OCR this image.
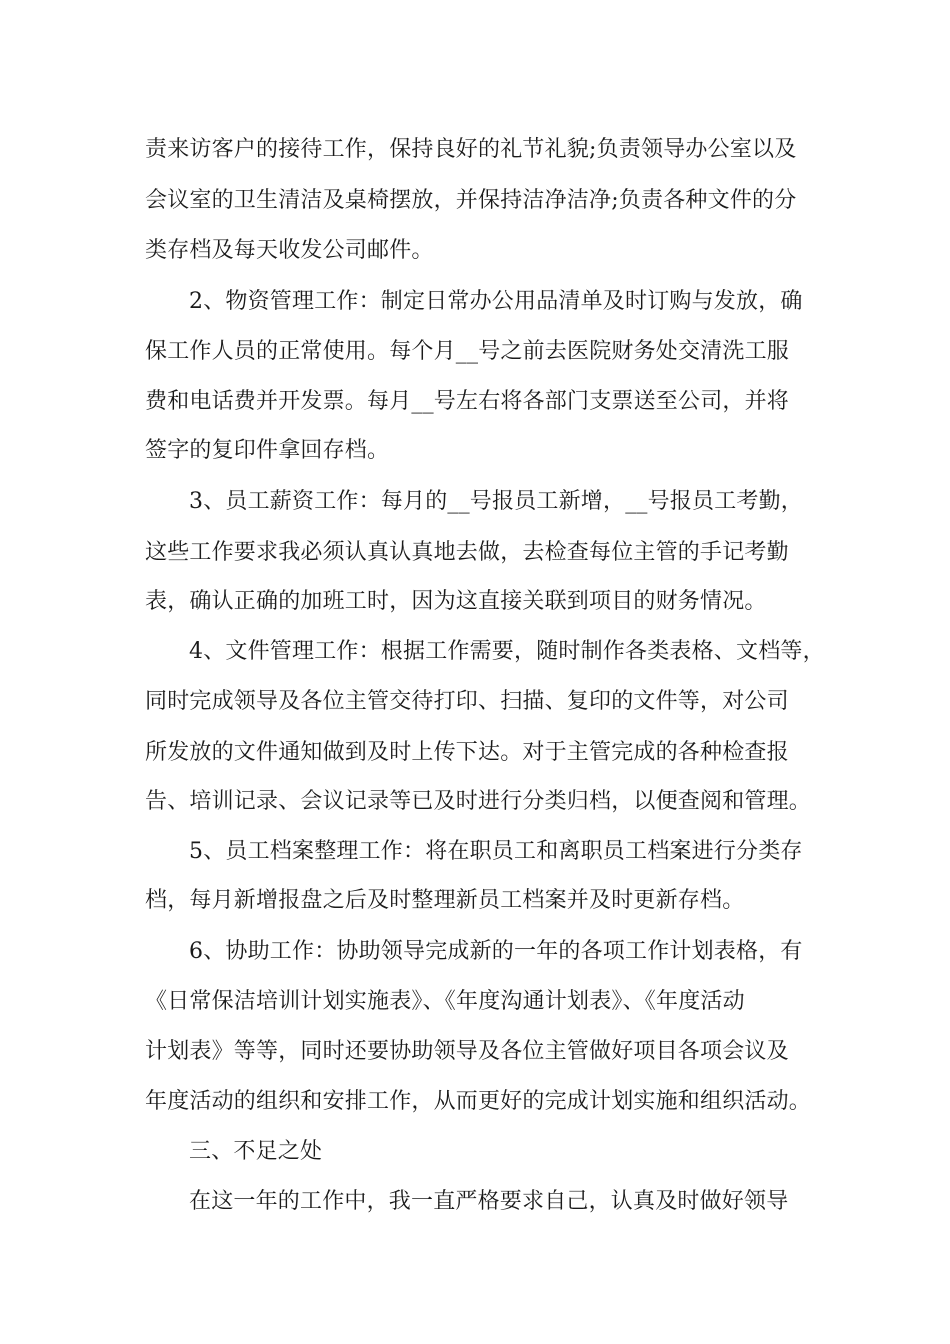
责来访客户的接待工作，保持良好的礼节礼貌;负责领导办公室以及
会议室的卫生清洁及桌椅摆放，并保持洁净洁净;负责各种文件的分
类存档及每天收发公司邮件。
2、物资管理工作：制定日常办公用品清单及时订购与发放，确
保工作人员的正常使用。每个月__号之前去医院财务处交清洗工服
费和电话费并开发票。每月__号左右将各部门支票送至公司，并将
签字的复印件拿回存档。
3、员工薪资工作：每月的__号报员工新增，__号报员工考勤，
这些工作要求我必须认真认真地去做，去检查每位主管的手记考勤
表，确认正确的加班工时，因为这直接关联到项目的财务情况。
4、文件管理工作：根据工作需要，随时制作各类表格、文档等，
同时完成领导及各位主管交待打印、扫描、复印的文件等，对公司
所发放的文件通知做到及时上传下达。对于主管完成的各种检查报
告、培训记录、会议记录等已及时进行分类归档，以便查阅和管理。
5、员工档案整理工作：将在职员工和离职员工档案进行分类存
档，每月新增报盘之后及时整理新员工档案并及时更新存档。
6、协助工作：协助领导完成新的一年的各项工作计划表格，有
《日常保洁培训计划实施表》、《年度沟通计划表》、《年度活动
计划表》等等，同时还要协助领导及各位主管做好项目各项会议及
年度活动的组织和安排工作，从而更好的完成计划实施和组织活动。
三、不足之处
在这一年的工作中，我一直严格要求自己，认真及时做好领导
